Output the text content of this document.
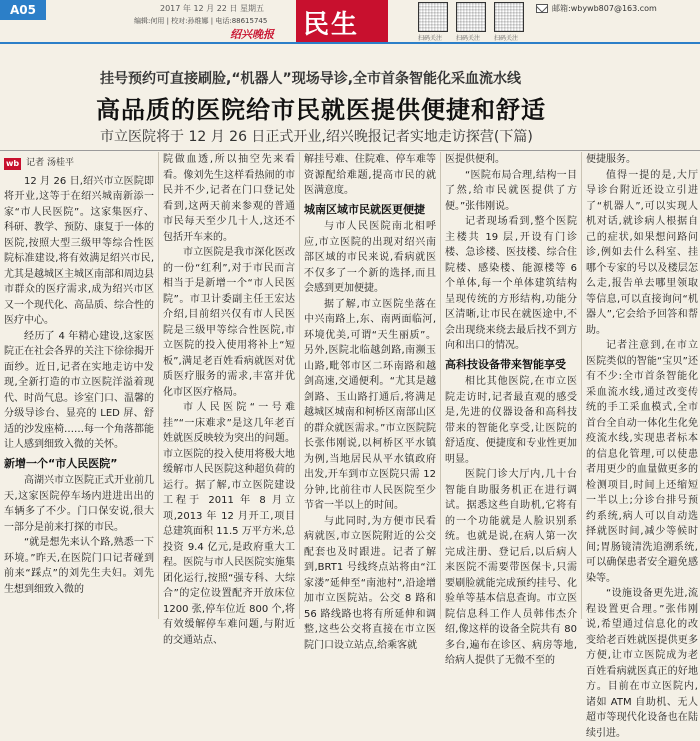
A05	2017 年 12 月 22 日 星期五
编辑:何用 | 校对:孙维娜 | 电话:88615745
绍兴晚报 民生	扫码关注 扫码关注 扫码关注
邮箱:wbywb807@163.com
挂号预约可直接刷脸,“机器人”现场导诊,全市首条智能化采血流水线
高品质的医院给市民就医提供便捷和舒适
市立医院将于 12 月 26 日正式开业,绍兴晚报记者实地走访探营(下篇)
wb 记者 汤桂平

12 月 26 日,绍兴市立医院即将开业,这等于在绍兴城南新添一家“市人民医院”。这家集医疗、科研、教学、预防、康复于一体的医院,按照大型三级甲等综合性医院标准建设,将有效满足绍兴市民,尤其是越城区主城区南部和周边县市群众的医疗需求,成为绍兴市区又一个现代化、高品质、综合性的医疗中心。

经历了 4 年精心建设,这家医院正在社会各界的关注下徐徐揭开面纱。近日,记者在实地走访中发现,全新打造的市立医院洋溢着现代、时尚气息。诊室门口、温馨的分级导诊台、显亮的 LED 屏、舒适的沙发座椅……每一个角落都能让人感到细致入微的关怀。

新增一个“市人民医院”

高湖兴市立医院正式开业前几天,这家医院停车场内进进出出的车辆多了不少。门口保安说,很大一部分是前来打探的市民。

“就是想先来认个路,熟悉一下环境。”昨天,在医院门口记者碰到前来“踩点”的刘先生夫妇。刘先生想到细致入微的

院做血透,所以抽空先来看看。像刘先生这样看热闹的市民并不少,记者在门口登记处看到,这两天前来参观的普通市民每天至少几十人,这还不包括开车来的。

市立医院是我市深化医改的一份“红利”,对于市民而言相当于是新增一个“市人民医院”。市卫计委副主任王宏达介绍,目前绍兴仅有市人民医院是三级甲等综合性医院,市立医院的投入使用将补上“短板”,满足老百姓看病就医对优质医疗服务的需求,丰富并优化市区医疗格局。

市人民医院“一号难挂”“一床难求”是这几年老百姓就医反映较为突出的问题。市立医院的投入使用将极大地缓解市人民医院这种超负荷的运行。据了解,市立医院建设工程于 2011 年 8 月立项,2013 年 12 月开工,项目总建筑面积 11.5 万平方米,总投资 9.4 亿元,是政府重大工程。医院与市人民医院实施集团化运行,按照“强专科、大综合”的定位设置配齐开放床位 1200 张,停车位近 800 个,将有效缓解停车难问题,与附近的交通站点、

解挂号难、住院难、停车难等资源配给难题,提高市民的就医满意度。

城南区域市民就医更便捷

与市人民医院南北相呼应,市立医院的出现对绍兴南部区域的市民来说,看病就医不仅多了一个新的选择,而且会感到更加便捷。

据了解,市立医院坐落在中兴南路上,东、南两面临河,环境优美,可谓“天生丽质”。另外,医院北临越剑路,南濒玉山路,毗邻市区二环南路和越剑高速,交通便利。“尤其是越剑路、玉山路打通后,将满足越城区城南和柯桥区南部山区的群众就医需求。”市立医院院长张伟刚说,以柯桥区平水镇为例,当地居民从平水镇政府出发,开车到市立医院只需 12 分钟,比前往市人民医院至少节省一半以上的时间。

与此同时,为方便市民看病就医,市立医院附近的公交配套也及时跟进。记者了解到,BRT1 号线终点站将由“江家溇”延伸至“南池村”,沿途增加市立医院站。公交 8 路和 56 路线路也将有所延伸和调整,这些公交将直接在市立医院门口设立站点,给乘客就

医提供便利。

“医院布局合理,结构一目了然,给市民就医提供了方便。”张伟刚说。

记者现场看到,整个医院主楼共 19 层,开设有门诊楼、急诊楼、医技楼、综合住院楼、感染楼、能源楼等 6 个单体,每一个单体建筑结构呈现传统的方形结构,功能分区清晰,让市民在就医途中,不会出现绕来绕去最后找不到方向和出口的情况。

高科技设备带来智能享受

相比其他医院,在市立医院走访时,记者最直观的感受是,先进的仪器设备和高科技带来的智能化享受,让医院的舒适度、便捷度和专业性更加明显。

医院门诊大厅内,几十台智能自助服务机正在进行调试。据悉这些自助机,它将有的一个功能就是人脸识别系统。也就是说,在病人第一次完成注册、登记后,以后病人来医院不需要带医保卡,只需要刷脸就能完成预约挂号、化验单等基本信息查询。市立医院信息科工作人员韩伟杰介绍,像这样的设备全院共有 80 多台,遍布在诊区、病房等地,给病人提供了无微不至的

便捷服务。

值得一提的是,大厅导诊台附近还设立引进了“机器人”,可以实现人机对话,就诊病人根据自己的症状,如果想问路问诊,例如去什么科室、挂哪个专家的号以及楼层怎么走,报告单去哪里领取等信息,可以直接询问“机器人”,它会给予回答和帮助。

记者注意到,在市立医院类似的智能“宝贝”还有不少:全市首条智能化采血流水线,通过改变传统的手工采血模式,全市首台全自动一体化生化免疫流水线,实现患者标本的信息化管理,可以使患者用更少的血量做更多的检测项目,时间上还缩短一半以上;分诊台排号预约系统,病人可以自动选择就医时间,减少等候时间;胃肠镜清洗追溯系统,可以确保患者安全避免感染等。

“设施设备更先进,流程设置更合理。”张伟刚说,希望通过信息化的改变给老百姓就医提供更多方便,让市立医院成为老百姓看病就医真正的好地方。目前在市立医院内,诸如 ATM 自助机、无人超市等现代化设备也在陆续引进。
